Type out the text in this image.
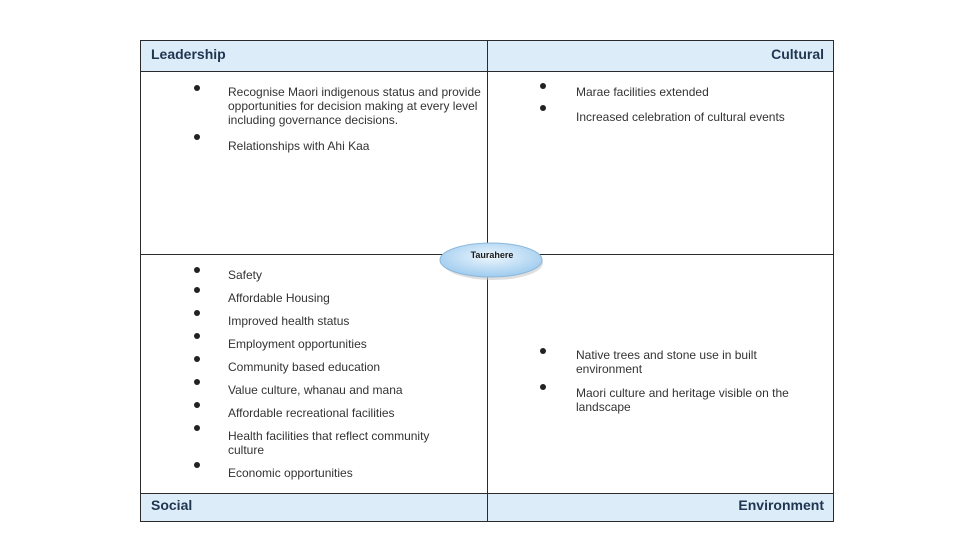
Leadership	Cultural
Social	Environment
Recognise Maori indigenous status and provide opportunities for decision making at every level including governance decisions.
Relationships with Ahi Kaa
Marae facilities extended
Increased celebration of cultural events
Safety
Affordable Housing
Improved health status
Employment opportunities
Community based education
Value culture, whanau and mana
Affordable recreational facilities
Health facilities that reflect community culture
Economic opportunities
Native trees and stone use in built environment
Maori culture and heritage visible on the landscape
Taurahere
